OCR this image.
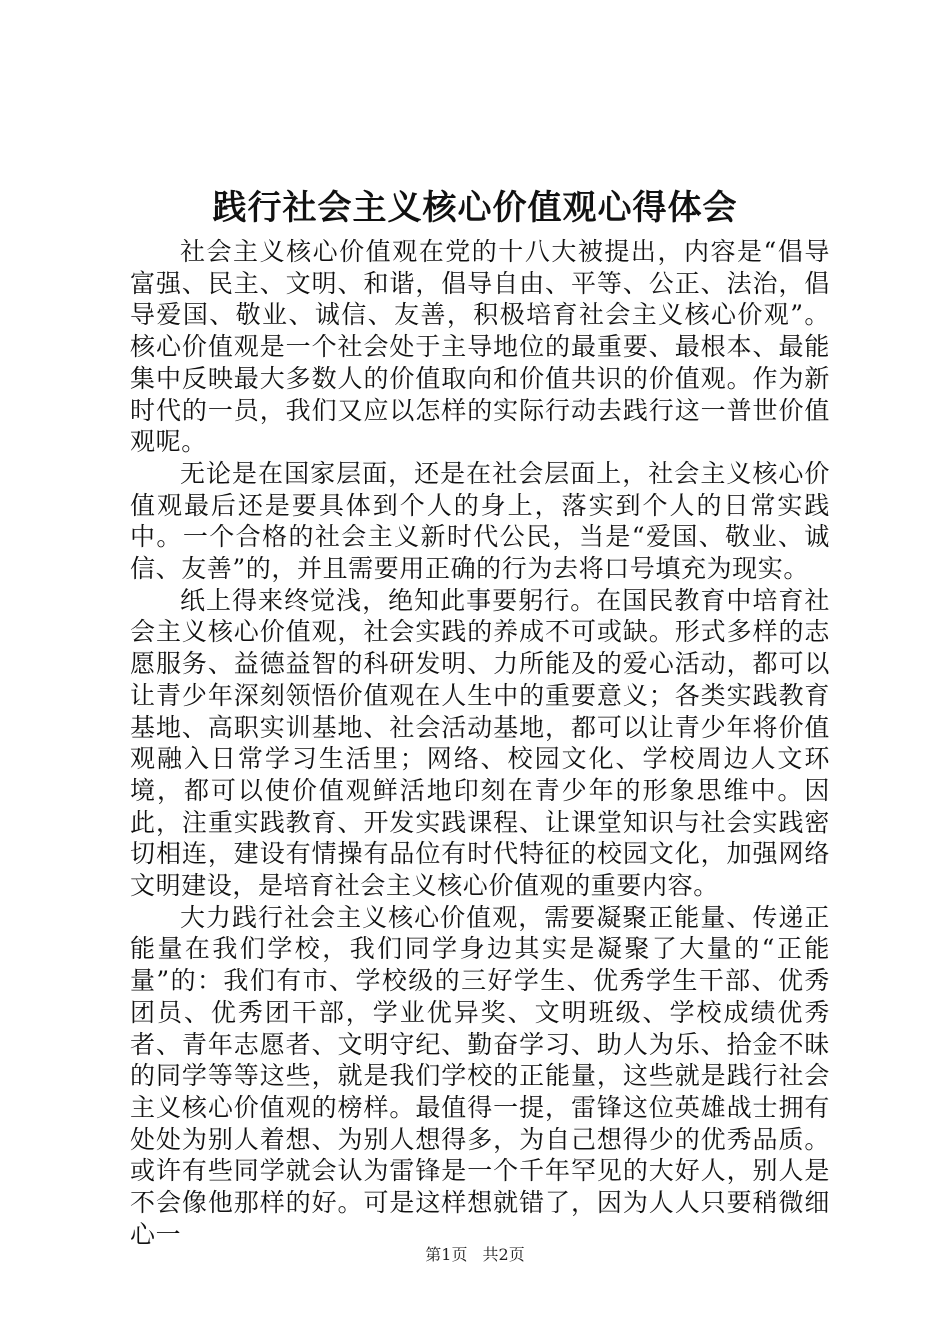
践行社会主义核心价值观心得体会

社会主义核心价值观在党的十八大被提出，内容是“倡导富强、民主、文明、和谐，倡导自由、平等、公正、法治，倡导爱国、敬业、诚信、友善，积极培育社会主义核心价观”。核心价值观是一个社会处于主导地位的最重要、最根本、最能集中反映最大多数人的价值取向和价值共识的价值观。作为新时代的一员，我们又应以怎样的实际行动去践行这一普世价值观呢。

无论是在国家层面，还是在社会层面上，社会主义核心价值观最后还是要具体到个人的身上，落实到个人的日常实践中。一个合格的社会主义新时代公民，当是“爱国、敬业、诚信、友善”的，并且需要用正确的行为去将口号填充为现实。

纸上得来终觉浅，绝知此事要躬行。在国民教育中培育社会主义核心价值观，社会实践的养成不可或缺。形式多样的志愿服务、益德益智的科研发明、力所能及的爱心活动，都可以让青少年深刻领悟价值观在人生中的重要意义；各类实践教育基地、高职实训基地、社会活动基地，都可以让青少年将价值观融入日常学习生活里；网络、校园文化、学校周边人文环境，都可以使价值观鲜活地印刻在青少年的形象思维中。因此，注重实践教育、开发实践课程、让课堂知识与社会实践密切相连，建设有情操有品位有时代特征的校园文化，加强网络文明建设，是培育社会主义核心价值观的重要内容。

大力践行社会主义核心价值观，需要凝聚正能量、传递正能量在我们学校，我们同学身边其实是凝聚了大量的“正能量”的：我们有市、学校级的三好学生、优秀学生干部、优秀团员、优秀团干部，学业优异奖、文明班级、学校成绩优秀者、青年志愿者、文明守纪、勤奋学习、助人为乐、拾金不昧的同学等等这些，就是我们学校的正能量，这些就是践行社会主义核心价值观的榜样。最值得一提，雷锋这位英雄战士拥有处处为别人着想、为别人想得多，为自己想得少的优秀品质。或许有些同学就会认为雷锋是一个千年罕见的大好人，别人是不会像他那样的好。可是这样想就错了，因为人人只要稍微细心一

第1页 共2页
